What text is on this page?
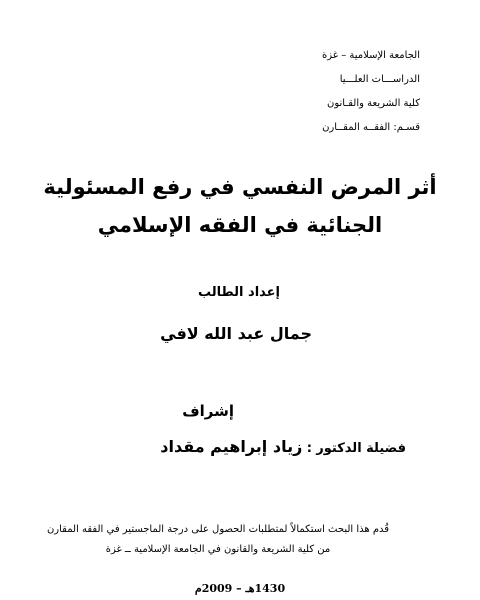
الجامعة الإسلامية – غزة
الدراســـات العلـــيا
كلية الشريعة والقـانون
قسـم: الفقــه المقــارن
أثر المرض النفسي في رفع المسئولية
الجنائية في الفقه الإسلامي
إعداد الطالب
جمال عبد الله لافي
إشراف
فضيلة الدكتور:زياد إبراهيم مقداد
قُدم هذا البحث استكمالاً لمتطلبات الحصول على درجة الماجستير في الفقه المقارن
من كلية الشريعة والقانون في الجامعة الإسلامية ــ غزة
1430هـ – 2009م
